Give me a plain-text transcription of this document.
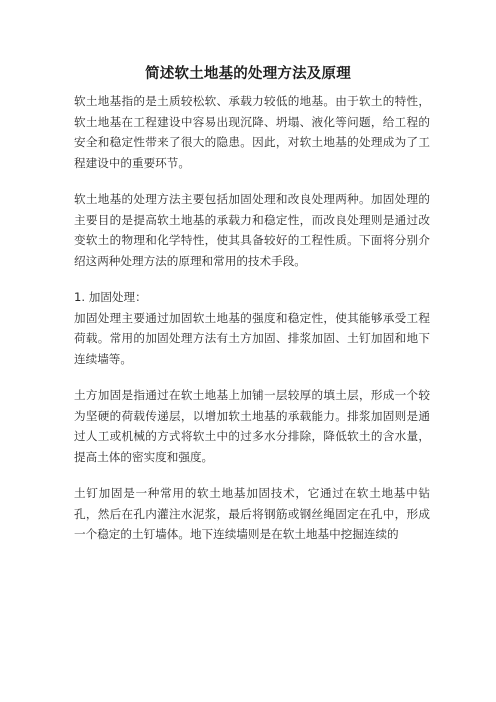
简述软土地基的处理方法及原理

软土地基指的是土质较松软、承载力较低的地基。由于软土的特性，软土地基在工程建设中容易出现沉降、坍塌、液化等问题，给工程的安全和稳定性带来了很大的隐患。因此，对软土地基的处理成为了工程建设中的重要环节。

软土地基的处理方法主要包括加固处理和改良处理两种。加固处理的主要目的是提高软土地基的承载力和稳定性，而改良处理则是通过改变软土的物理和化学特性，使其具备较好的工程性质。下面将分别介绍这两种处理方法的原理和常用的技术手段。

1. 加固处理：

加固处理主要通过加固软土地基的强度和稳定性，使其能够承受工程荷载。常用的加固处理方法有土方加固、排浆加固、土钉加固和地下连续墙等。

土方加固是指通过在软土地基上加铺一层较厚的填土层，形成一个较为坚硬的荷载传递层，以增加软土地基的承载能力。排浆加固则是通过人工或机械的方式将软土中的过多水分排除，降低软土的含水量，提高土体的密实度和强度。

土钉加固是一种常用的软土地基加固技术，它通过在软土地基中钻孔，然后在孔内灌注水泥浆，最后将钢筋或钢丝绳固定在孔中，形成一个稳定的土钉墙体。地下连续墙则是在软土地基中挖掘连续的
